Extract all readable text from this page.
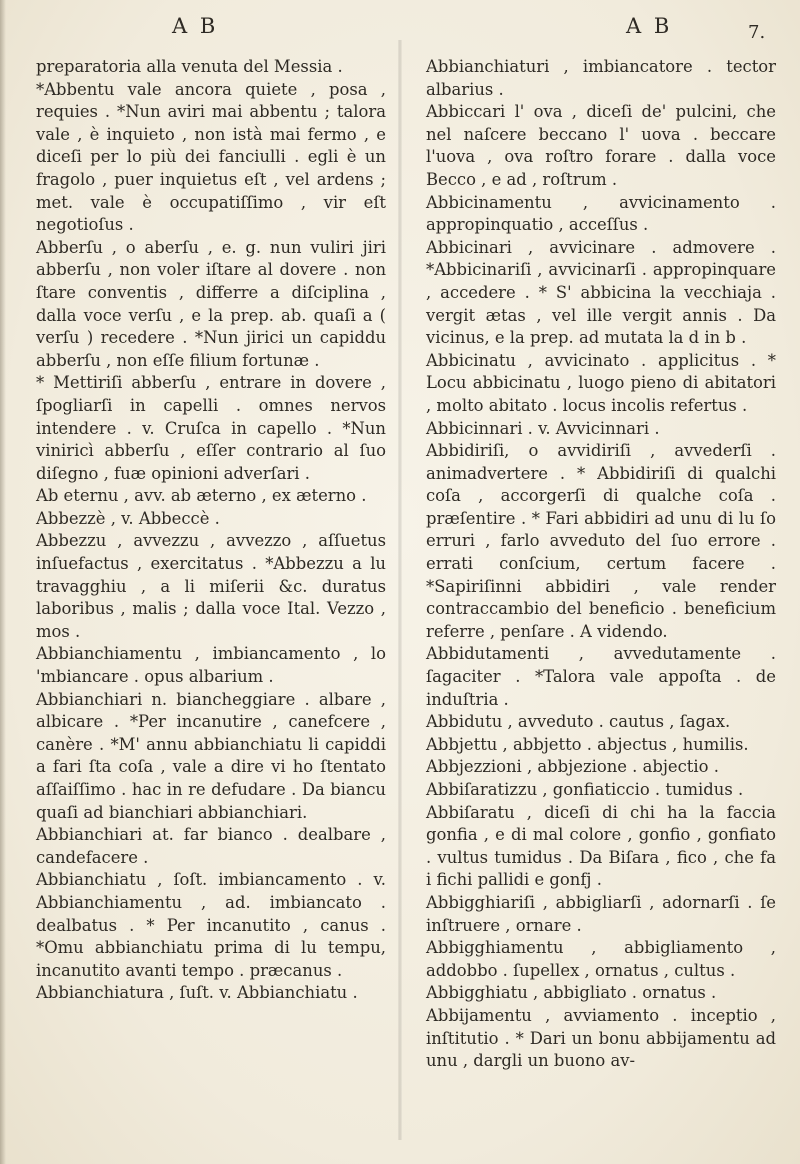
A B	A B	7.

preparatoria alla venuta del Messia .

*Abbentu vale ancora quiete , posa , requies . *Nun aviri mai abbentu ; talora vale , è inquieto , non istà mai fermo , e diceſi per lo più dei fanciulli . egli è un fragolo , puer inquietus eſt , vel ardens ; met. vale è occupatiſſimo , vir eſt negotioſus .

Abberſu , o aberſu , e. g. nun vuliri jiri abberſu , non voler iſtare al dovere . non ſtare conventis , differre a diſciplina , dalla voce verſu , e la prep. ab. quaſi a ( verſu ) recedere . *Nun jirici un capiddu abberſu , non eſſe filium fortunæ .

* Mettiriſi abberſu , entrare in dovere , ſpogliarſi in capelli . omnes nervos intendere . v. Cruſca in capello . *Nun viniricì abberſu , eſſer contrario al ſuo diſegno , fuæ opinioni adverſari .

Ab eternu , avv. ab æterno , ex æterno .

Abbezzè , v. Abbeccè .

Abbezzu , avvezzu , avvezzo , aſſuetus inſuefactus , exercitatus . *Abbezzu a lu travagghiu , a li miſerii &c. duratus laboribus , malis ; dalla voce Ital. Vezzo , mos .

Abbianchiamentu , imbiancamento , lo 'mbiancare . opus albarium .

Abbianchiari n. biancheggiare . albare , albicare . *Per incanutire , canefcere , canère . *M' annu abbianchiatu li capiddi a fari ſta coſa , vale a dire vi ho ſtentato aſſaiſſimo . hac in re defudare . Da biancu quaſi ad bianchiari abbianchiari.

Abbianchiari at. far bianco . dealbare , candefacere .

Abbianchiatu , ſoſt. imbiancamento . v. Abbianchiamentu , ad. imbiancato . dealbatus . * Per incanutito , canus . *Omu abbianchiatu prima di lu tempu, incanutito avanti tempo . præcanus .

Abbianchiatura , ſuſt. v. Abbianchiatu .

Abbianchiaturi , imbiancatore . tector albarius .

Abbiccari l' ova , diceſi de' pulcini, che nel naſcere beccano l' uova . beccare l'uova , ova roſtro forare . dalla voce Becco , e ad , roſtrum .

Abbicinamentu , avvicinamento . appropinquatio , acceſſus .

Abbicinari , avvicinare . admovere . *Abbicinariſi , avvicinarſi . appropinquare , accedere . * S' abbicina la vecchiaja . vergit ætas , vel ille vergit annis . Da vicinus, e la prep. ad mutata la d in b .

Abbicinatu , avvicinato . applicitus . * Locu abbicinatu , luogo pieno di abitatori , molto abitato . locus incolis refertus .

Abbicinnari . v. Avvicinnari .

Abbidiriſi, o avvidiriſi , avvederſi . animadvertere . * Abbidiriſi di qualchi coſa , accorgerſi di qualche coſa . præſentire . * Fari abbidiri ad unu di lu ſo erruri , farlo avveduto del ſuo errore . errati conſcium, certum facere . *Sapiriſinni abbidiri , vale render contraccambio del beneficio . beneficium referre , penſare . A videndo.

Abbidutamenti , avvedutamente . ſagaciter . *Talora vale appoſta . de induſtria .

Abbidutu , avveduto . cautus , ſagax.

Abbjettu , abbjetto . abjectus , humilis.

Abbjezzioni , abbjezione . abjectio .

Abbiſaratizzu , gonfiaticcio . tumidus .

Abbiſaratu , diceſi di chi ha la faccia gonfia , e di mal colore , gonfio , gonfiato . vultus tumidus . Da Biſara , fico , che fa i fichi pallidi e gonfj .

Abbigghiariſi , abbigliarſi , adornarſi . ſe inſtruere , ornare .

Abbigghiamentu , abbigliamento , addobbo . ſupellex , ornatus , cultus .

Abbigghiatu , abbigliato . ornatus .

Abbijamentu , avviamento . inceptio , inſtitutio . * Dari un bonu abbijamentu ad unu , dargli un buono av-
